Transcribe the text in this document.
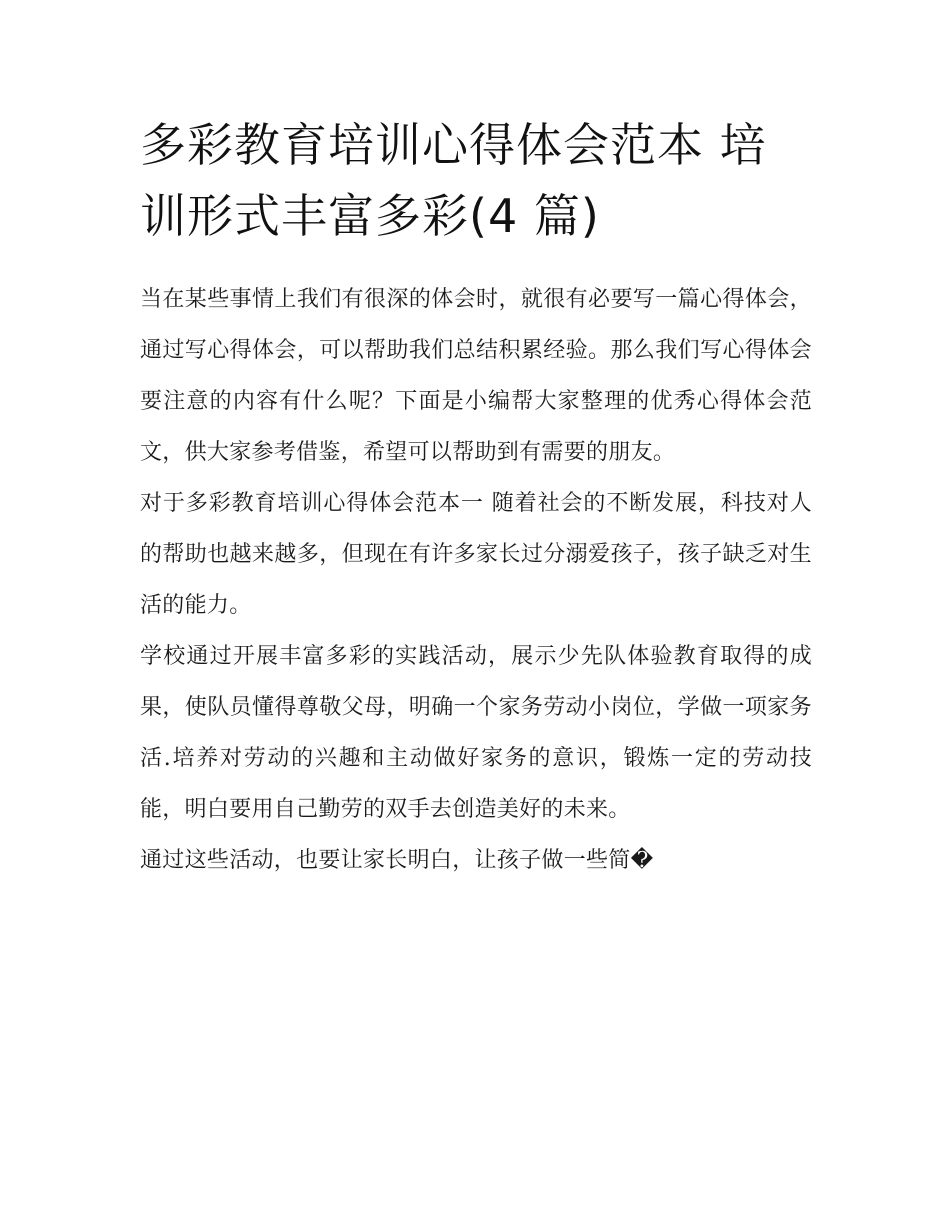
多彩教育培训心得体会范本 培训形式丰富多彩(4 篇)

当在某些事情上我们有很深的体会时，就很有必要写一篇心得体会，通过写心得体会，可以帮助我们总结积累经验。那么我们写心得体会要注意的内容有什么呢？下面是小编帮大家整理的优秀心得体会范文，供大家参考借鉴，希望可以帮助到有需要的朋友。

对于多彩教育培训心得体会范本一 随着社会的不断发展，科技对人的帮助也越来越多，但现在有许多家长过分溺爱孩子，孩子缺乏对生活的能力。

学校通过开展丰富多彩的实践活动，展示少先队体验教育取得的成果，使队员懂得尊敬父母，明确一个家务劳动小岗位，学做一项家务活.培养对劳动的兴趣和主动做好家务的意识，锻炼一定的劳动技能，明白要用自己勤劳的双手去创造美好的未来。

通过这些活动，也要让家长明白，让孩子做一些简�
